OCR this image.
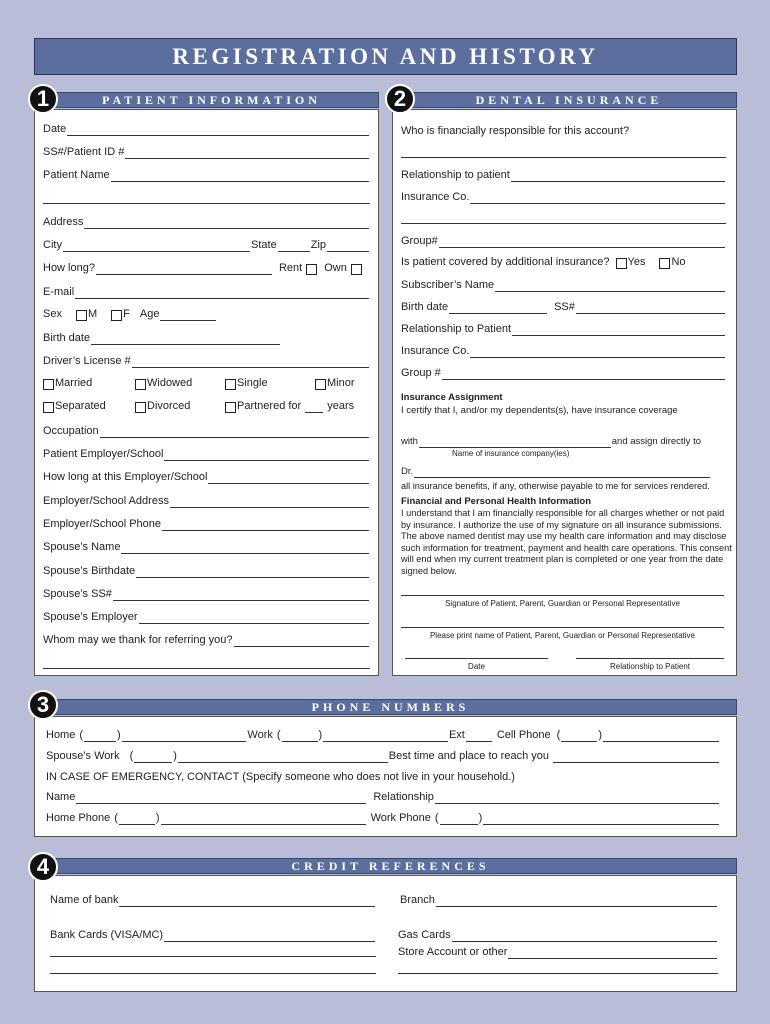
REGISTRATION AND HISTORY
PATIENT INFORMATION
1
Date
SS#/Patient ID #
Patient Name
Address
City	State	Zip
How long?	Rent Own
E-mail
Sex M F Age
Birth date
Driver’s License #
Married	Widowed	Single	Minor
Separated	Divorced	Partnered for years
Occupation
Patient Employer/School
How long at this Employer/School
Employer/School Address
Employer/School Phone
Spouse’s Name
Spouse’s Birthdate
Spouse’s SS#
Spouse’s Employer
Whom may we thank for referring you?
DENTAL INSURANCE
2
Who is financially responsible for this account?
Relationship to patient
Insurance Co.
Group#
Is patient covered by additional insurance? Yes No
Subscriber’s Name
Birth date	SS#
Relationship to Patient
Insurance Co.
Group #
Insurance Assignment
I certify that I, and/or my dependents(s), have insurance coverage
with	and assign directly to
Name of insurance company(ies)
Dr.
all insurance benefits, if any, otherwise payable to me for services rendered.
Financial and Personal Health Information
I understand that I am financially responsible for all charges whether or not paid by insurance. I authorize the use of my signature on all insurance submissions. The above named dentist may use my health care information and may disclose such information for treatment, payment and health care operations. This consent will end when my current treatment plan is completed or one year from the date signed below.
Signature of Patient, Parent, Guardian or Personal Representative
Please print name of Patient, Parent, Guardian or Personal Representative
Date	Relationship to Patient
PHONE NUMBERS
3
Home (	)	Work (	)	Ext	Cell Phone (	)
Spouse’s Work (	)	Best time and place to reach you
IN CASE OF EMERGENCY, CONTACT (Specify someone who does not live in your household.)
Name	Relationship
Home Phone (	)	Work Phone (	)
CREDIT REFERENCES
4
Name of bank	Branch
Bank Cards (VISA/MC)	Gas Cards
Store Account or other
